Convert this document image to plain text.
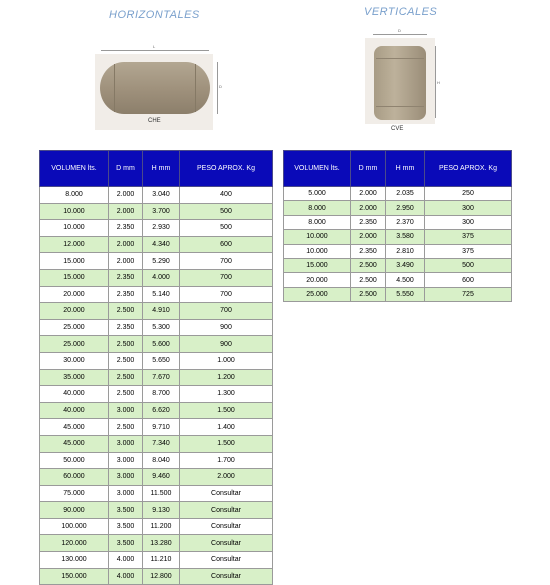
HORIZONTALES	VERTICALES
L
D
CHE
D
H
CVE
VOLUMEN lts.	D mm	H mm	PESO APROX. Kg
8.000	2.000	3.040	400
10.000	2.000	3.700	500
10.000	2.350	2.930	500
12.000	2.000	4.340	600
15.000	2.000	5.290	700
15.000	2.350	4.000	700
20.000	2.350	5.140	700
20.000	2.500	4.910	700
25.000	2.350	5.300	900
25.000	2.500	5.600	900
30.000	2.500	5.650	1.000
35.000	2.500	7.670	1.200
40.000	2.500	8.700	1.300
40.000	3.000	6.620	1.500
45.000	2.500	9.710	1.400
45.000	3.000	7.340	1.500
50.000	3.000	8.040	1.700
60.000	3.000	9.460	2.000
75.000	3.000	11.500	Consultar
90.000	3.500	9.130	Consultar
100.000	3.500	11.200	Consultar
120.000	3.500	13.280	Consultar
130.000	4.000	11.210	Consultar
150.000	4.000	12.800	Consultar
VOLUMEN lts.	D mm	H mm	PESO APROX. Kg
5.000	2.000	2.035	250
8.000	2.000	2.950	300
8.000	2.350	2.370	300
10.000	2.000	3.580	375
10.000	2.350	2.810	375
15.000	2.500	3.490	500
20.000	2.500	4.500	600
25.000	2.500	5.550	725
